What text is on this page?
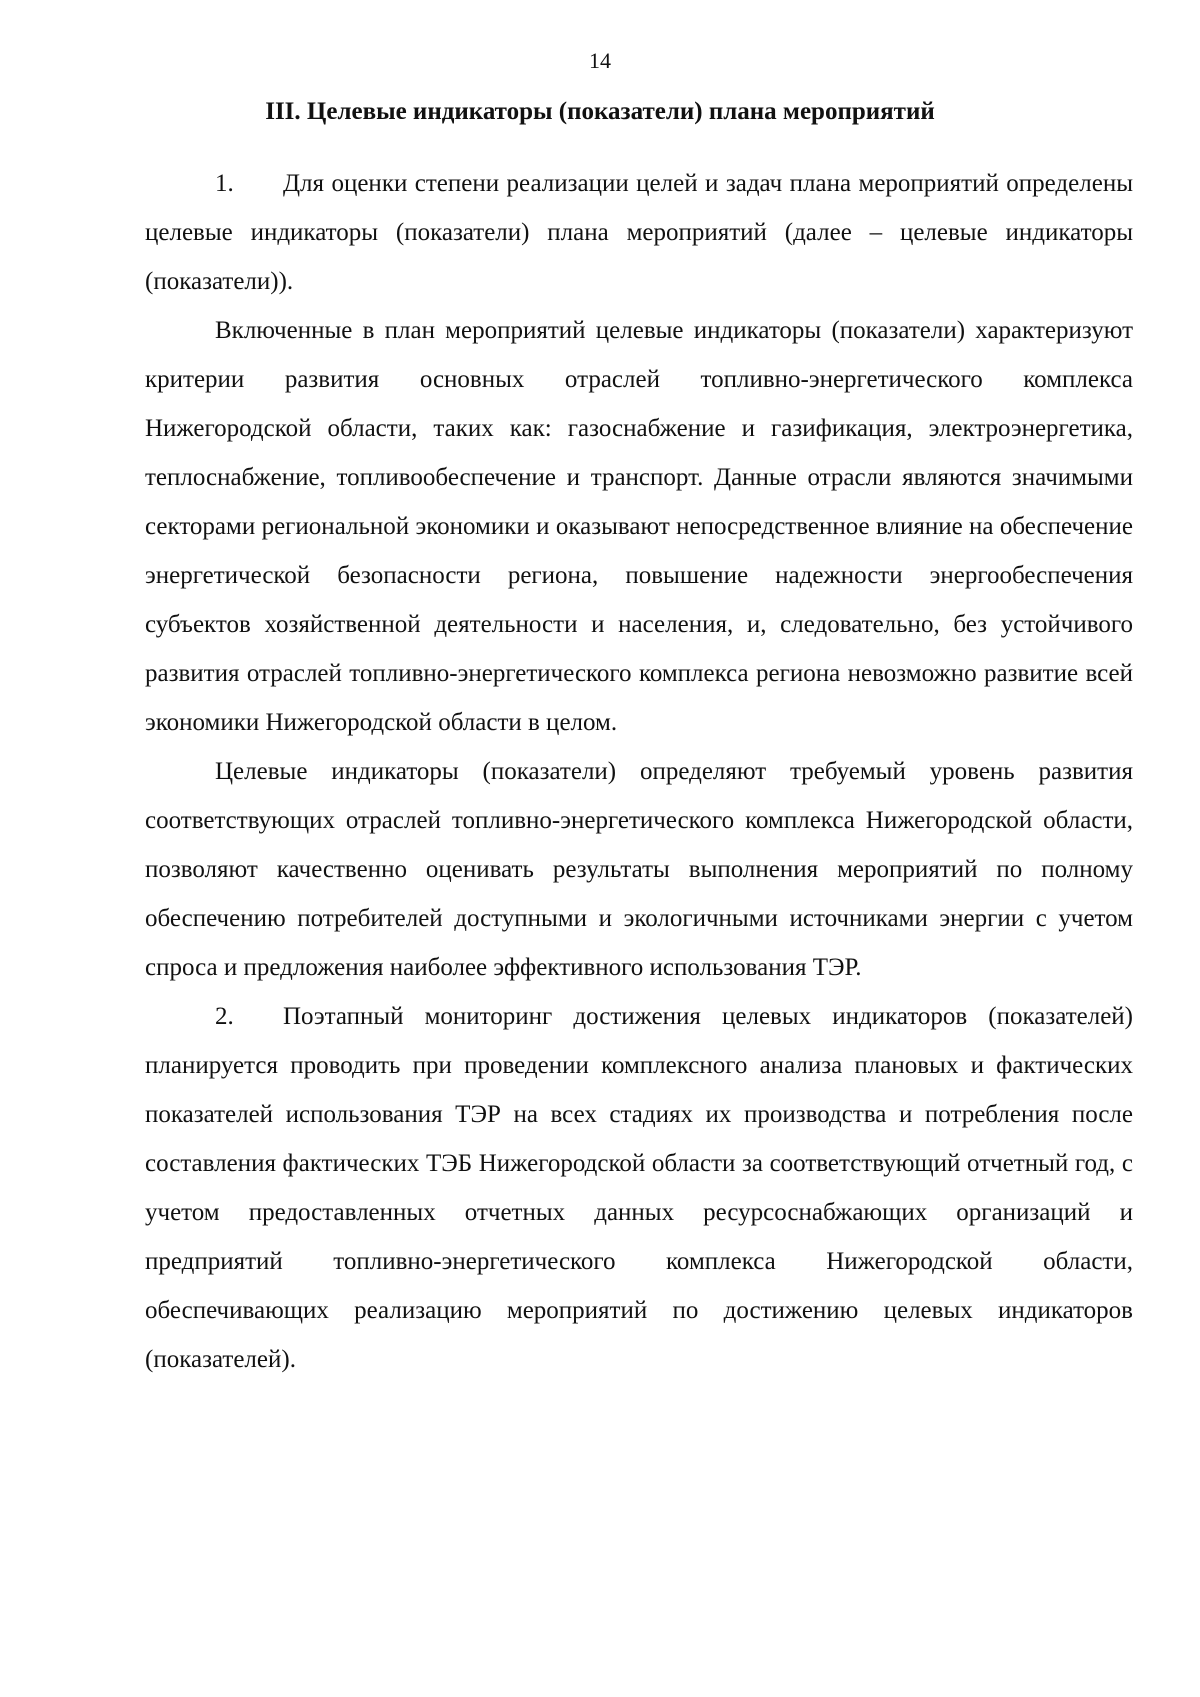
14
III. Целевые индикаторы (показатели) плана мероприятий

1. Для оценки степени реализации целей и задач плана мероприятий определены целевые индикаторы (показатели) плана мероприятий (далее – целевые индикаторы (показатели)).

Включенные в план мероприятий целевые индикаторы (показатели) характеризуют критерии развития основных отраслей топливно-энергетического комплекса Нижегородской области, таких как: газоснабжение и газификация, электроэнергетика, теплоснабжение, топливообеспечение и транспорт. Данные отрасли являются значимыми секторами региональной экономики и оказывают непосредственное влияние на обеспечение энергетической безопасности региона, повышение надежности энергообеспечения субъектов хозяйственной деятельности и населения, и, следовательно, без устойчивого развития отраслей топливно-энергетического комплекса региона невозможно развитие всей экономики Нижегородской области в целом.

Целевые индикаторы (показатели) определяют требуемый уровень развития соответствующих отраслей топливно-энергетического комплекса Нижегородской области, позволяют качественно оценивать результаты выполнения мероприятий по полному обеспечению потребителей доступными и экологичными источниками энергии с учетом спроса и предложения наиболее эффективного использования ТЭР.

2. Поэтапный мониторинг достижения целевых индикаторов (показателей) планируется проводить при проведении комплексного анализа плановых и фактических показателей использования ТЭР на всех стадиях их производства и потребления после составления фактических ТЭБ Нижегородской области за соответствующий отчетный год, с учетом предоставленных отчетных данных ресурсоснабжающих организаций и предприятий топливно-энергетического комплекса Нижегородской области, обеспечивающих реализацию мероприятий по достижению целевых индикаторов (показателей).
